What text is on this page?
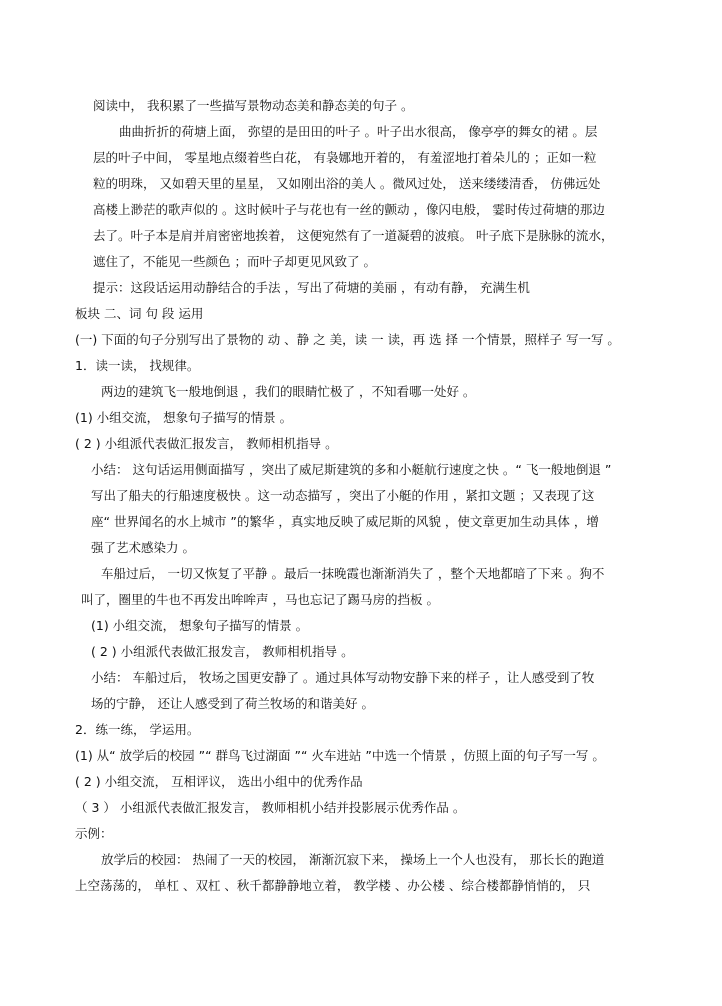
阅读中， 我积累了一些描写景物动态美和静态美的句子 。
曲曲折折的荷塘上面， 弥望的是田田的叶子 。叶子出水很高， 像亭亭的舞女的裙 。层
层的叶子中间， 零星地点缀着些白花， 有袅娜地开着的， 有羞涩地打着朵儿的 ；正如一粒
粒的明珠， 又如碧天里的星星， 又如刚出浴的美人 。微风过处， 送来缕缕清香， 仿佛远处
高楼上渺茫的歌声似的 。这时候叶子与花也有一丝的颤动 ，像闪电般， 霎时传过荷塘的那边
去了。叶子本是肩并肩密密地挨着， 这便宛然有了一道凝碧的波痕。 叶子底下是脉脉的流水，
遮住了，不能见一些颜色 ；而叶子却更见风致了 。
提示：这段话运用动静结合的手法 ，写出了荷塘的美丽 ，有动有静， 充满生机
板块 二、词 句 段 运用
(一) 下面的句子分别写出了景物的 动 、静 之 美，读 一 读，再 选 择 一个情景，照样子 写一写 。
1．读一读， 找规律。
两边的建筑飞一般地倒退 ，我们的眼睛忙极了 ，不知看哪一处好 。
(1) 小组交流， 想象句子描写的情景 。
( 2 ) 小组派代表做汇报发言， 教师相机指导 。
小结： 这句话运用侧面描写 ，突出了威尼斯建筑的多和小艇航行速度之快 。“ 飞一般地倒退 ”
写出了船夫的行船速度极快 。这一动态描写 ，突出了小艇的作用 ，紧扣文题 ；又表现了这
座“ 世界闻名的水上城市 ”的繁华 ，真实地反映了威尼斯的风貌 ，使文章更加生动具体 ，增
强了艺术感染力 。
车船过后， 一切又恢复了平静 。最后一抹晚霞也渐渐消失了 ，整个天地都暗了下来 。狗不
叫了，圈里的牛也不再发出哞哞声 ，马也忘记了踢马房的挡板 。
(1) 小组交流， 想象句子描写的情景 。
( 2 ) 小组派代表做汇报发言， 教师相机指导 。
小结： 车船过后， 牧场之国更安静了 。通过具体写动物安静下来的样子 ，让人感受到了牧
场的宁静， 还让人感受到了荷兰牧场的和谐美好 。
2．练一练， 学运用。
(1) 从“ 放学后的校园 ”“ 群鸟飞过湖面 ”“ 火车进站 ”中选一个情景 ，仿照上面的句子写一写 。
( 2 ) 小组交流， 互相评议， 选出小组中的优秀作品
（ 3 ） 小组派代表做汇报发言， 教师相机小结并投影展示优秀作品 。
示例：
放学后的校园： 热闹了一天的校园， 渐渐沉寂下来， 操场上一个人也没有， 那长长的跑道
上空荡荡的， 单杠 、双杠 、秋千都静静地立着， 教学楼 、办公楼 、综合楼都静悄悄的， 只
